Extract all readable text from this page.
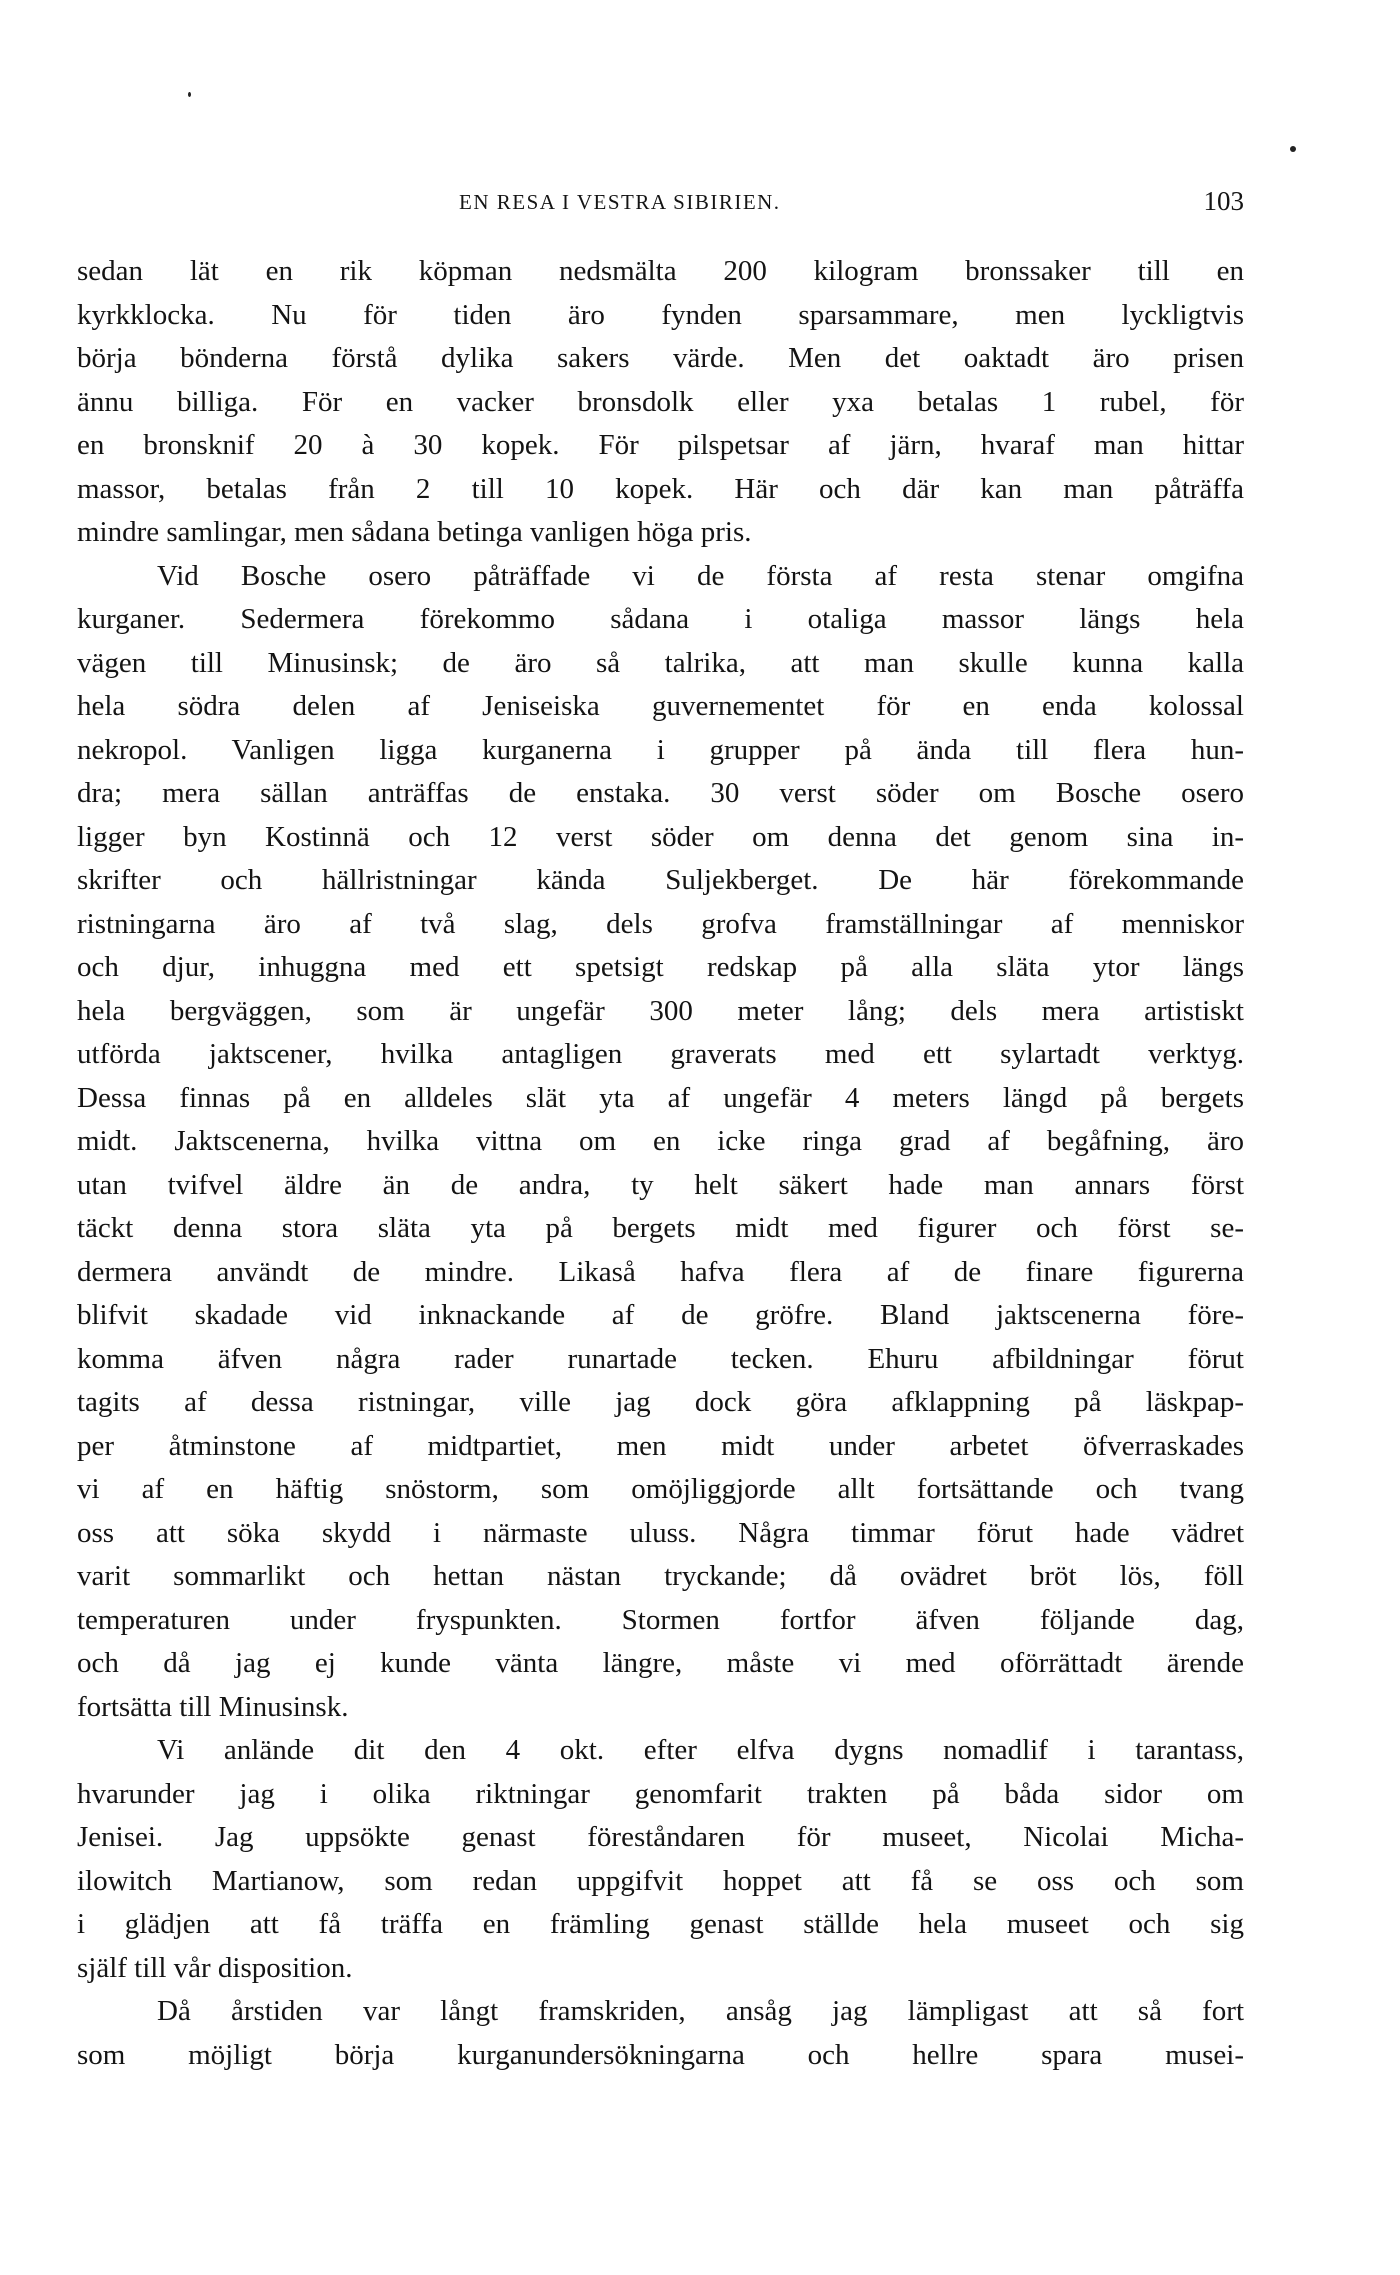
EN RESA I VESTRA SIBIRIEN.	103
sedan lät en rik köpman nedsmälta 200 kilogram bronssaker till en
kyrkklocka. Nu för tiden äro fynden sparsammare, men lyckligtvis
börja bönderna förstå dylika sakers värde. Men det oaktadt äro prisen
ännu billiga. För en vacker bronsdolk eller yxa betalas 1 rubel, för
en bronsknif 20 à 30 kopek. För pilspetsar af järn, hvaraf man hittar
massor, betalas från 2 till 10 kopek. Här och där kan man påträffa
mindre samlingar, men sådana betinga vanligen höga pris.
Vid Bosche osero påträffade vi de första af resta stenar omgifna
kurganer. Sedermera förekommo sådana i otaliga massor längs hela
vägen till Minusinsk; de äro så talrika, att man skulle kunna kalla
hela södra delen af Jeniseiska guvernementet för en enda kolossal
nekropol. Vanligen ligga kurganerna i grupper på ända till flera hun-
dra; mera sällan anträffas de enstaka. 30 verst söder om Bosche osero
ligger byn Kostinnä och 12 verst söder om denna det genom sina in-
skrifter och hällristningar kända Suljekberget. De här förekommande
ristningarna äro af två slag, dels grofva framställningar af menniskor
och djur, inhuggna med ett spetsigt redskap på alla släta ytor längs
hela bergväggen, som är ungefär 300 meter lång; dels mera artistiskt
utförda jaktscener, hvilka antagligen graverats med ett sylartadt verktyg.
Dessa finnas på en alldeles slät yta af ungefär 4 meters längd på bergets
midt. Jaktscenerna, hvilka vittna om en icke ringa grad af begåfning, äro
utan tvifvel äldre än de andra, ty helt säkert hade man annars först
täckt denna stora släta yta på bergets midt med figurer och först se-
dermera användt de mindre. Likaså hafva flera af de finare figurerna
blifvit skadade vid inknackande af de gröfre. Bland jaktscenerna före-
komma äfven några rader runartade tecken. Ehuru afbildningar förut
tagits af dessa ristningar, ville jag dock göra afklappning på läskpap-
per åtminstone af midtpartiet, men midt under arbetet öfverraskades
vi af en häftig snöstorm, som omöjliggjorde allt fortsättande och tvang
oss att söka skydd i närmaste uluss. Några timmar förut hade vädret
varit sommarlikt och hettan nästan tryckande; då ovädret bröt lös, föll
temperaturen under fryspunkten. Stormen fortfor äfven följande dag,
och då jag ej kunde vänta längre, måste vi med oförrättadt ärende
fortsätta till Minusinsk.
Vi anlände dit den 4 okt. efter elfva dygns nomadlif i tarantass,
hvarunder jag i olika riktningar genomfarit trakten på båda sidor om
Jenisei. Jag uppsökte genast föreståndaren för museet, Nicolai Micha-
ilowitch Martianow, som redan uppgifvit hoppet att få se oss och som
i glädjen att få träffa en främling genast ställde hela museet och sig
själf till vår disposition.
Då årstiden var långt framskriden, ansåg jag lämpligast att så fort
som möjligt börja kurganundersökningarna och hellre spara musei-
